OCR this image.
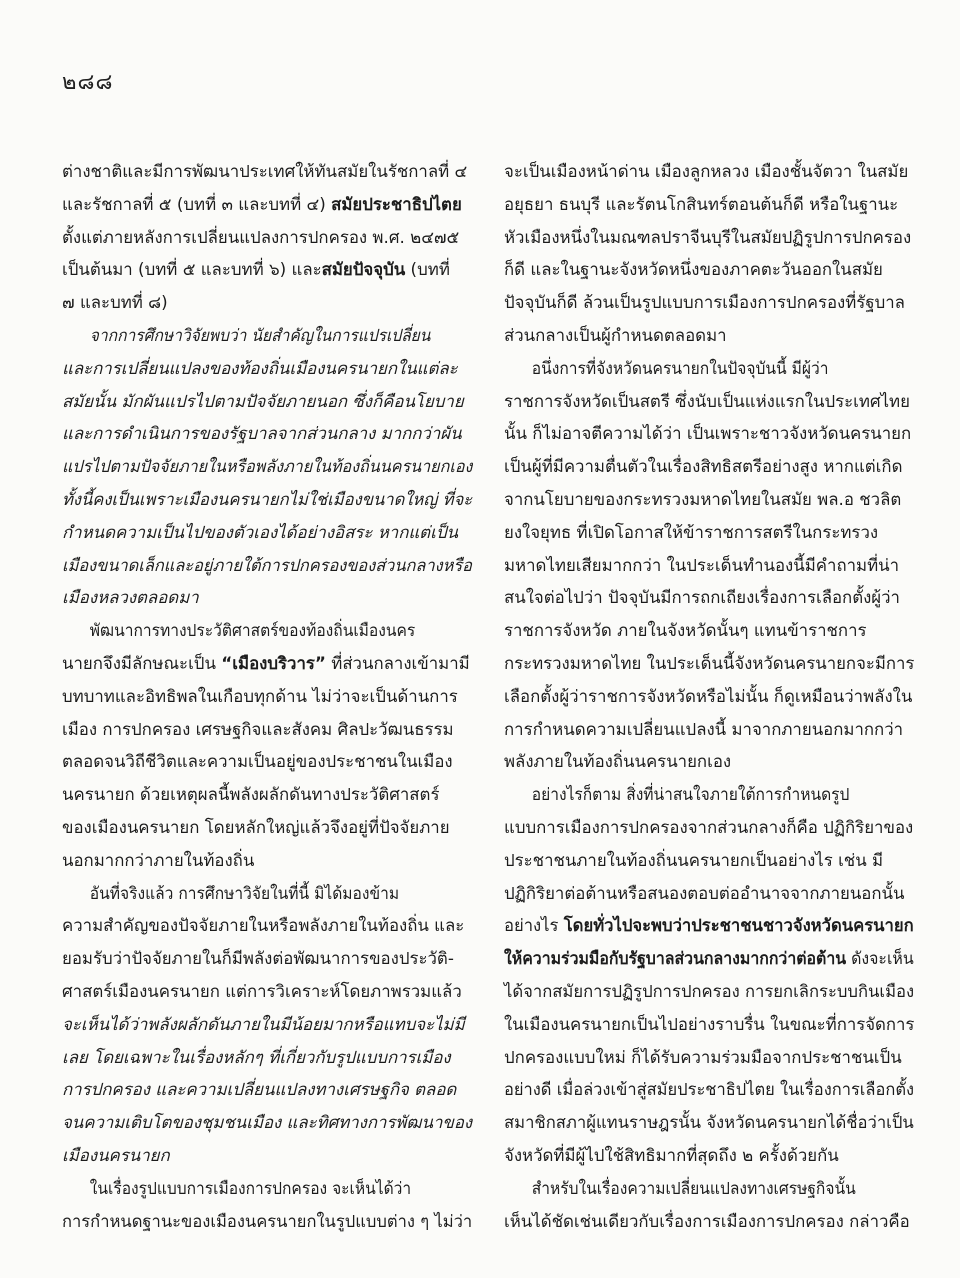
๒๘๘
ต่างชาติและมีการพัฒนาประเทศให้ทันสมัยในรัชกาลที่ ๔
และรัชกาลที่ ๕ (บทที่ ๓ และบทที่ ๔) สมัยประชาธิปไตย
ตั้งแต่ภายหลังการเปลี่ยนแปลงการปกครอง พ.ศ. ๒๔๗๕
เป็นต้นมา (บทที่ ๕ และบทที่ ๖) และสมัยปัจจุบัน (บทที่
๗ และบทที่ ๘)
จากการศึกษาวิจัยพบว่า นัยสำคัญในการแปรเปลี่ยน
และการเปลี่ยนแปลงของท้องถิ่นเมืองนครนายกในแต่ละ
สมัยนั้น มักผันแปรไปตามปัจจัยภายนอก ซึ่งก็คือนโยบาย
และการดำเนินการของรัฐบาลจากส่วนกลาง มากกว่าผัน
แปรไปตามปัจจัยภายในหรือพลังภายในท้องถิ่นนครนายกเอง
ทั้งนี้คงเป็นเพราะเมืองนครนายกไม่ใช่เมืองขนาดใหญ่ ที่จะ
กำหนดความเป็นไปของตัวเองได้อย่างอิสระ หากแต่เป็น
เมืองขนาดเล็กและอยู่ภายใต้การปกครองของส่วนกลางหรือ
เมืองหลวงตลอดมา
พัฒนาการทางประวัติศาสตร์ของท้องถิ่นเมืองนคร
นายกจึงมีลักษณะเป็น “เมืองบริวาร” ที่ส่วนกลางเข้ามามี
บทบาทและอิทธิพลในเกือบทุกด้าน ไม่ว่าจะเป็นด้านการ
เมือง การปกครอง เศรษฐกิจและสังคม ศิลปะวัฒนธรรม
ตลอดจนวิถีชีวิตและความเป็นอยู่ของประชาชนในเมือง
นครนายก ด้วยเหตุผลนี้พลังผลักดันทางประวัติศาสตร์
ของเมืองนครนายก โดยหลักใหญ่แล้วจึงอยู่ที่ปัจจัยภาย
นอกมากกว่าภายในท้องถิ่น
อันที่จริงแล้ว การศึกษาวิจัยในที่นี้ มิได้มองข้าม
ความสำคัญของปัจจัยภายในหรือพลังภายในท้องถิ่น และ
ยอมรับว่าปัจจัยภายในก็มีพลังต่อพัฒนาการของประวัติ-
ศาสตร์เมืองนครนายก แต่การวิเคราะห์โดยภาพรวมแล้ว
จะเห็นได้ว่าพลังผลักดันภายในมีน้อยมากหรือแทบจะไม่มี
เลย โดยเฉพาะในเรื่องหลักๆ ที่เกี่ยวกับรูปแบบการเมือง
การปกครอง และความเปลี่ยนแปลงทางเศรษฐกิจ ตลอด
จนความเติบโตของชุมชนเมือง และทิศทางการพัฒนาของ
เมืองนครนายก
ในเรื่องรูปแบบการเมืองการปกครอง จะเห็นได้ว่า
การกำหนดฐานะของเมืองนครนายกในรูปแบบต่าง ๆ ไม่ว่า
จะเป็นเมืองหน้าด่าน เมืองลูกหลวง เมืองชั้นจัตวา ในสมัย
อยุธยา ธนบุรี และรัตนโกสินทร์ตอนต้นก็ดี หรือในฐานะ
หัวเมืองหนึ่งในมณฑลปราจีนบุรีในสมัยปฏิรูปการปกครอง
ก็ดี และในฐานะจังหวัดหนึ่งของภาคตะวันออกในสมัย
ปัจจุบันก็ดี ล้วนเป็นรูปแบบการเมืองการปกครองที่รัฐบาล
ส่วนกลางเป็นผู้กำหนดตลอดมา
อนึ่งการที่จังหวัดนครนายกในปัจจุบันนี้ มีผู้ว่า
ราชการจังหวัดเป็นสตรี ซึ่งนับเป็นแห่งแรกในประเทศไทย
นั้น ก็ไม่อาจตีความได้ว่า เป็นเพราะชาวจังหวัดนครนายก
เป็นผู้ที่มีความตื่นตัวในเรื่องสิทธิสตรีอย่างสูง หากแต่เกิด
จากนโยบายของกระทรวงมหาดไทยในสมัย พล.อ ชวลิต
ยงใจยุทธ ที่เปิดโอกาสให้ข้าราชการสตรีในกระทรวง
มหาดไทยเสียมากกว่า ในประเด็นทำนองนี้มีคำถามที่น่า
สนใจต่อไปว่า ปัจจุบันมีการถกเถียงเรื่องการเลือกตั้งผู้ว่า
ราชการจังหวัด ภายในจังหวัดนั้นๆ แทนข้าราชการ
กระทรวงมหาดไทย ในประเด็นนี้จังหวัดนครนายกจะมีการ
เลือกตั้งผู้ว่าราชการจังหวัดหรือไม่นั้น ก็ดูเหมือนว่าพลังใน
การกำหนดความเปลี่ยนแปลงนี้ มาจากภายนอกมากกว่า
พลังภายในท้องถิ่นนครนายกเอง
อย่างไรก็ตาม สิ่งที่น่าสนใจภายใต้การกำหนดรูป
แบบการเมืองการปกครองจากส่วนกลางก็คือ ปฏิกิริยาของ
ประชาชนภายในท้องถิ่นนครนายกเป็นอย่างไร เช่น มี
ปฏิกิริยาต่อต้านหรือสนองตอบต่ออำนาจจากภายนอกนั้น
อย่างไร โดยทั่วไปจะพบว่าประชาชนชาวจังหวัดนครนายก
ให้ความร่วมมือกับรัฐบาลส่วนกลางมากกว่าต่อต้าน ดังจะเห็น
ได้จากสมัยการปฏิรูปการปกครอง การยกเลิกระบบกินเมือง
ในเมืองนครนายกเป็นไปอย่างราบรื่น ในขณะที่การจัดการ
ปกครองแบบใหม่ ก็ได้รับความร่วมมือจากประชาชนเป็น
อย่างดี เมื่อล่วงเข้าสู่สมัยประชาธิปไตย ในเรื่องการเลือกตั้ง
สมาชิกสภาผู้แทนราษฎรนั้น จังหวัดนครนายกได้ชื่อว่าเป็น
จังหวัดที่มีผู้ไปใช้สิทธิมากที่สุดถึง ๒ ครั้งด้วยกัน
สำหรับในเรื่องความเปลี่ยนแปลงทางเศรษฐกิจนั้น
เห็นได้ชัดเช่นเดียวกับเรื่องการเมืองการปกครอง กล่าวคือ
